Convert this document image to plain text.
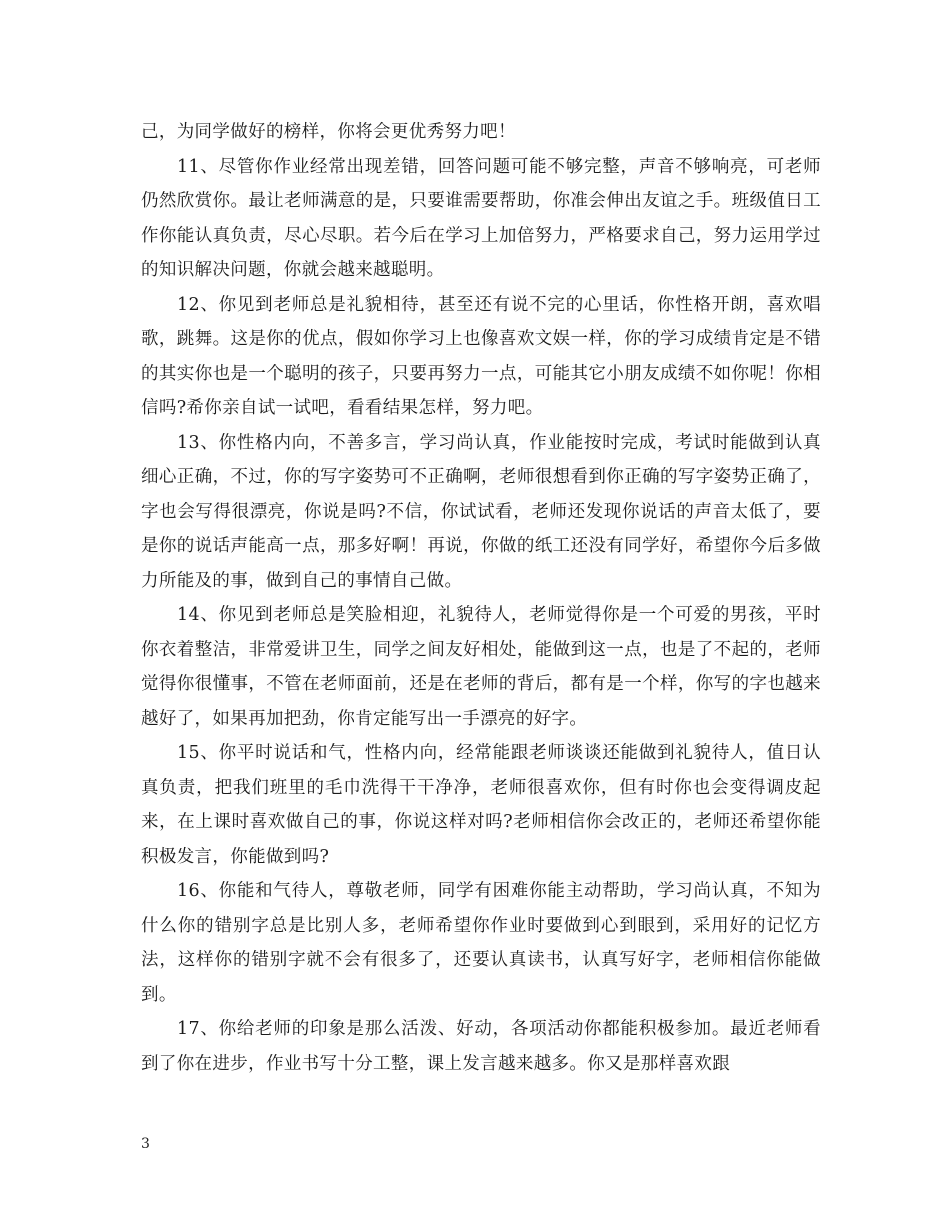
己，为同学做好的榜样，你将会更优秀努力吧！

11、尽管你作业经常出现差错，回答问题可能不够完整，声音不够响亮，可老师仍然欣赏你。最让老师满意的是，只要谁需要帮助，你准会伸出友谊之手。班级值日工作你能认真负责，尽心尽职。若今后在学习上加倍努力，严格要求自己，努力运用学过的知识解决问题，你就会越来越聪明。

12、你见到老师总是礼貌相待，甚至还有说不完的心里话，你性格开朗，喜欢唱歌，跳舞。这是你的优点，假如你学习上也像喜欢文娱一样，你的学习成绩肯定是不错的其实你也是一个聪明的孩子，只要再努力一点，可能其它小朋友成绩不如你呢！你相信吗?希你亲自试一试吧，看看结果怎样，努力吧。

13、你性格内向，不善多言，学习尚认真，作业能按时完成，考试时能做到认真细心正确，不过，你的写字姿势可不正确啊，老师很想看到你正确的写字姿势正确了，字也会写得很漂亮，你说是吗?不信，你试试看，老师还发现你说话的声音太低了，要是你的说话声能高一点，那多好啊！再说，你做的纸工还没有同学好，希望你今后多做力所能及的事，做到自己的事情自己做。

14、你见到老师总是笑脸相迎，礼貌待人，老师觉得你是一个可爱的男孩，平时你衣着整洁，非常爱讲卫生，同学之间友好相处，能做到这一点，也是了不起的，老师觉得你很懂事，不管在老师面前，还是在老师的背后，都有是一个样，你写的字也越来越好了，如果再加把劲，你肯定能写出一手漂亮的好字。

15、你平时说话和气，性格内向，经常能跟老师谈谈还能做到礼貌待人，值日认真负责，把我们班里的毛巾洗得干干净净，老师很喜欢你，但有时你也会变得调皮起来，在上课时喜欢做自己的事，你说这样对吗?老师相信你会改正的，老师还希望你能积极发言，你能做到吗?

16、你能和气待人，尊敬老师，同学有困难你能主动帮助，学习尚认真，不知为什么你的错别字总是比别人多，老师希望你作业时要做到心到眼到，采用好的记忆方法，这样你的错别字就不会有很多了，还要认真读书，认真写好字，老师相信你能做到。

17、你给老师的印象是那么活泼、好动，各项活动你都能积极参加。最近老师看到了你在进步，作业书写十分工整，课上发言越来越多。你又是那样喜欢跟

3
